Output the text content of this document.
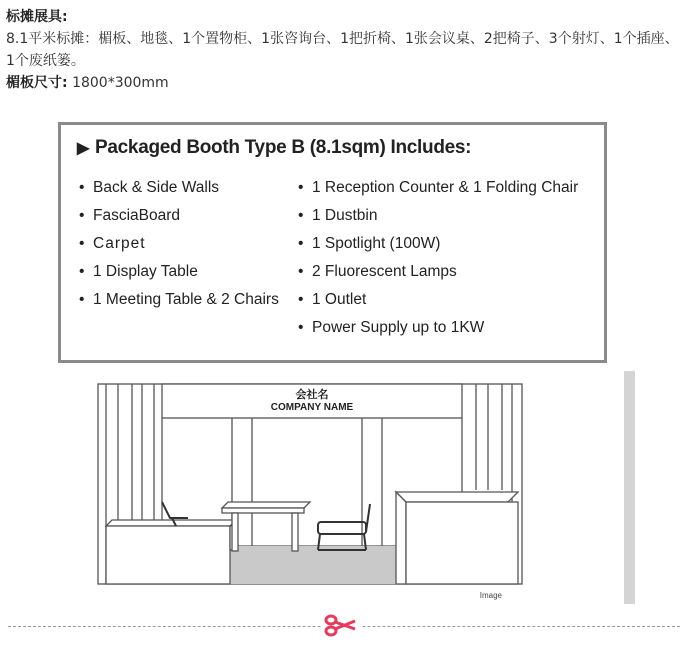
标摊展具:

8.1平米标摊：楣板、地毯、1个置物柜、1张咨询台、1把折椅、1张会议桌、2把椅子、3个射灯、1个插座、1个废纸篓。

楣板尺寸: 1800*300mm

▶ Packaged Booth Type B (8.1sqm) Includes:
• Back & Side Walls
• FasciaBoard
• Carpet
• 1 Display Table
• 1 Meeting Table & 2 Chairs
• 1 Reception Counter & 1 Folding Chair
• 1 Dustbin
• 1 Spotlight (100W)
• 2 Fluorescent Lamps
• 1 Outlet
• Power Supply up to 1KW
会社名
COMPANY NAME
Image
